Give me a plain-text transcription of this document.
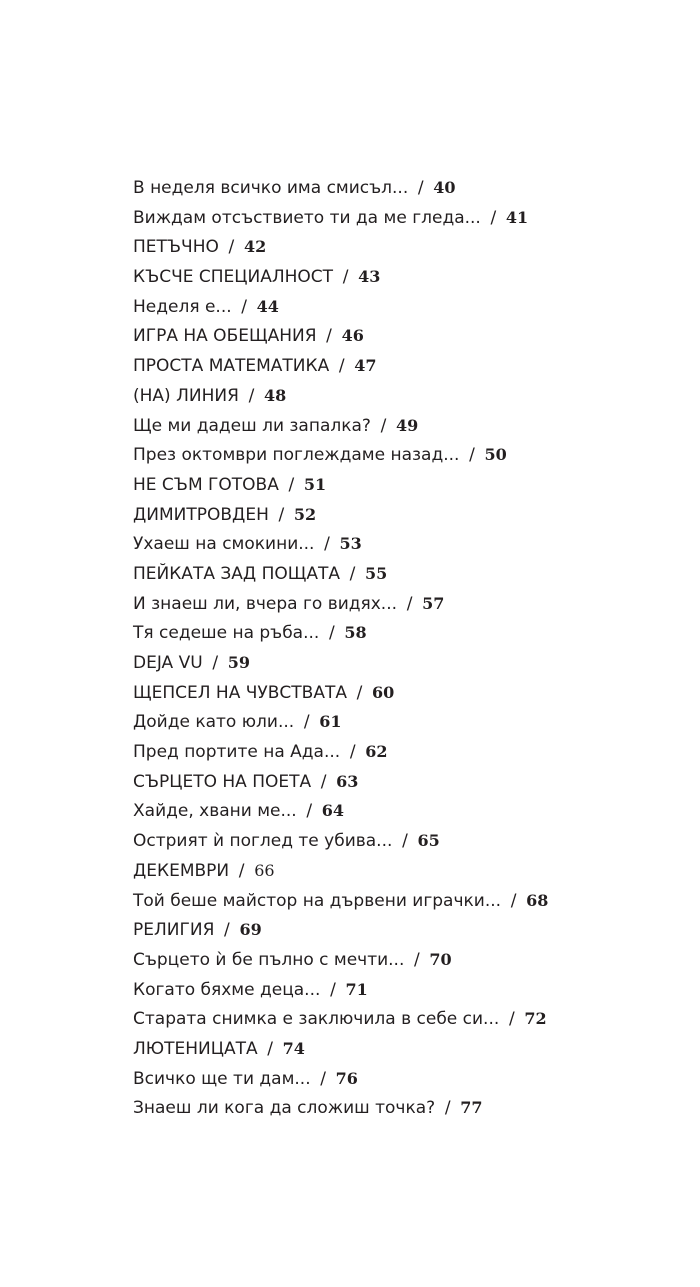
В неделя всичко има смисъл... / 40
Виждам отсъствието ти да ме гледа... / 41
ПЕТЪЧНО / 42
КЪСЧЕ СПЕЦИАЛНОСТ / 43
Неделя е... / 44
ИГРА НА ОБЕЩАНИЯ / 46
ПРОСТА МАТЕМАТИКА / 47
(НА) ЛИНИЯ / 48
Ще ми дадеш ли запалка? / 49
През октомври поглеждаме назад... / 50
НЕ СЪМ ГОТОВА / 51
ДИМИТРОВДЕН / 52
Ухаеш на смокини... / 53
ПЕЙКАТА ЗАД ПОЩАТА / 55
И знаеш ли, вчера го видях... / 57
Тя седеше на ръба... / 58
DEJA VU / 59
ЩЕПСЕЛ НА ЧУВСТВАТА / 60
Дойде като юли... / 61
Пред портите на Ада... / 62
СЪРЦЕТО НА ПОЕТА / 63
Хайде, хвани ме... / 64
Острият ѝ поглед те убива... / 65
ДЕКЕМВРИ / 66
Той беше майстор на дървени играчки... / 68
РЕЛИГИЯ / 69
Сърцето ѝ бе пълно с мечти... / 70
Когато бяхме деца... / 71
Старата снимка е заключила в себе си... / 72
ЛЮТЕНИЦАТА / 74
Всичко ще ти дам... / 76
Знаеш ли кога да сложиш точка? / 77
